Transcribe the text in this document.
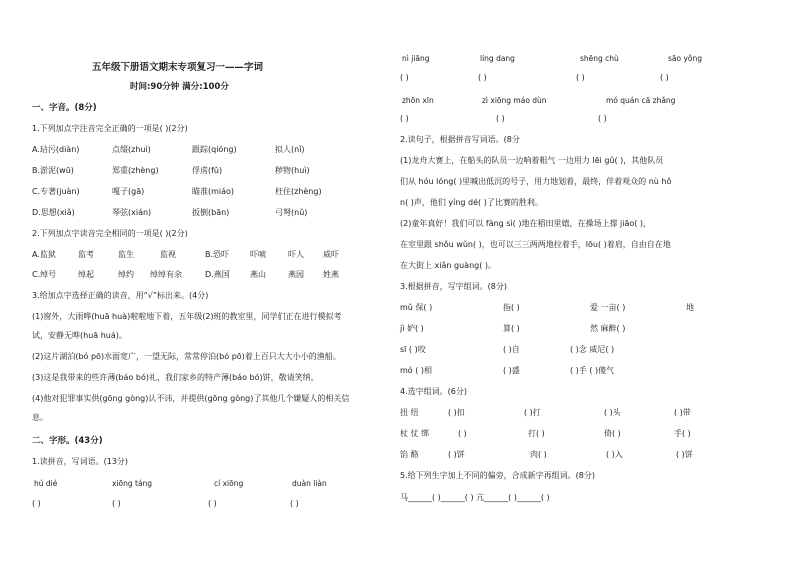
五年级下册语文期末专项复习一——字词
时间:90分钟 满分:100分
一、字音。(8分)
1.下列加点字注音完全正确的一项是( )(2分)
A.玷污(diàn)	点缀(zhuì)	跟踪(qióng)	拟人(nǐ)
B.淤泥(wū)	郑重(zhèng)	俘虏(fǔ)	秽物(huì)
C.专著(juàn)	嘎子(gā)	瞄准(miáo)	枉住(zhèng)
D.思想(xiǎ)	琴弦(xián)	扳倒(bān)	弓弩(nǔ)
2.下列加点字读音完全相同的一项是( )(2分)
A.监狱	监考	监生	监视	B.恐吓	吓唬	吓人 威吓
C.绰号	绰起	绰约 绰绰有余	D.燕国	燕山	燕园 姓燕
3.给加点字选择正确的读音，用“√”标出来。(4分)
(1)窗外，大雨哗(huā huà)啦啦地下着，五年级(2)班的教室里，同学们正在进行模拟考
试，安静无哗(huā huá)。
(2)这片湖泊(bó pō)水面宽广，一望无际，常常停泊(bó pō)着上百只大大小小的渔船。
(3)这是我带来的些许薄(báo bó)礼，我们家乡的特产薄(báo bó)饼，敬请笑纳。
(4)他对犯罪事实供(gōng gòng)认不讳，并提供(gōng gòng)了其他几个嫌疑人的相关信
息。
二、字形。(43分)
1.读拼音，写词语。(13分)
hú dié	xiōng táng	cí xiōng	duàn liàn
( )	( )	( )	( )
nì jiāng	líng dang	shēng chù	sāo yǒng
( )	( )	( )	( )
zhōn xīn	zì xiōng máo dùn	mó quán cā zhǎng
( )	( )	( )
2.读句子，根据拼音写词语。(8分
(1)龙舟大赛上，在船头的队员一边响着粗气 一边用力 lēi gǔ( )，其他队员
们从 hóu lóng( )里喊出低沉的号子，用力地划着，最终，伴着观众的 nù hǒ
n( )声，他们 yíng dé( )了比赛的胜利。
(2)童年真好！我们可以 fàng sì( )地在稻田里嬉，在操场上撑 jiāo( )，
在室里跟 shǒu wǔn( )，也可以三三两两地拉着手，lōu( )着肩，自由自在地
在大街上 xiǎn guàng( )。
3.根据拼音，写字组词。(8分)
mǔ 保( )	指( )	爱 一亩( )	地
jì 妒( )	算( )	然 麻醉( )
sī ( )咬	( )自	( )念 威尼( )
mó ( )相	( )盛	( )手 ( )傻气
4.选字组词。(6分)
扭 纽	( )扣	( )打	( )头	( )带
杖 仗 绑	( )	打( )	倚( )	手( )
馅 酪	( )饼	肉( )	( )入	( )饼
5.给下列生字加上不同的偏旁，合成新字再组词。(8分)
马______( )______( ) 亢______( )______( )
